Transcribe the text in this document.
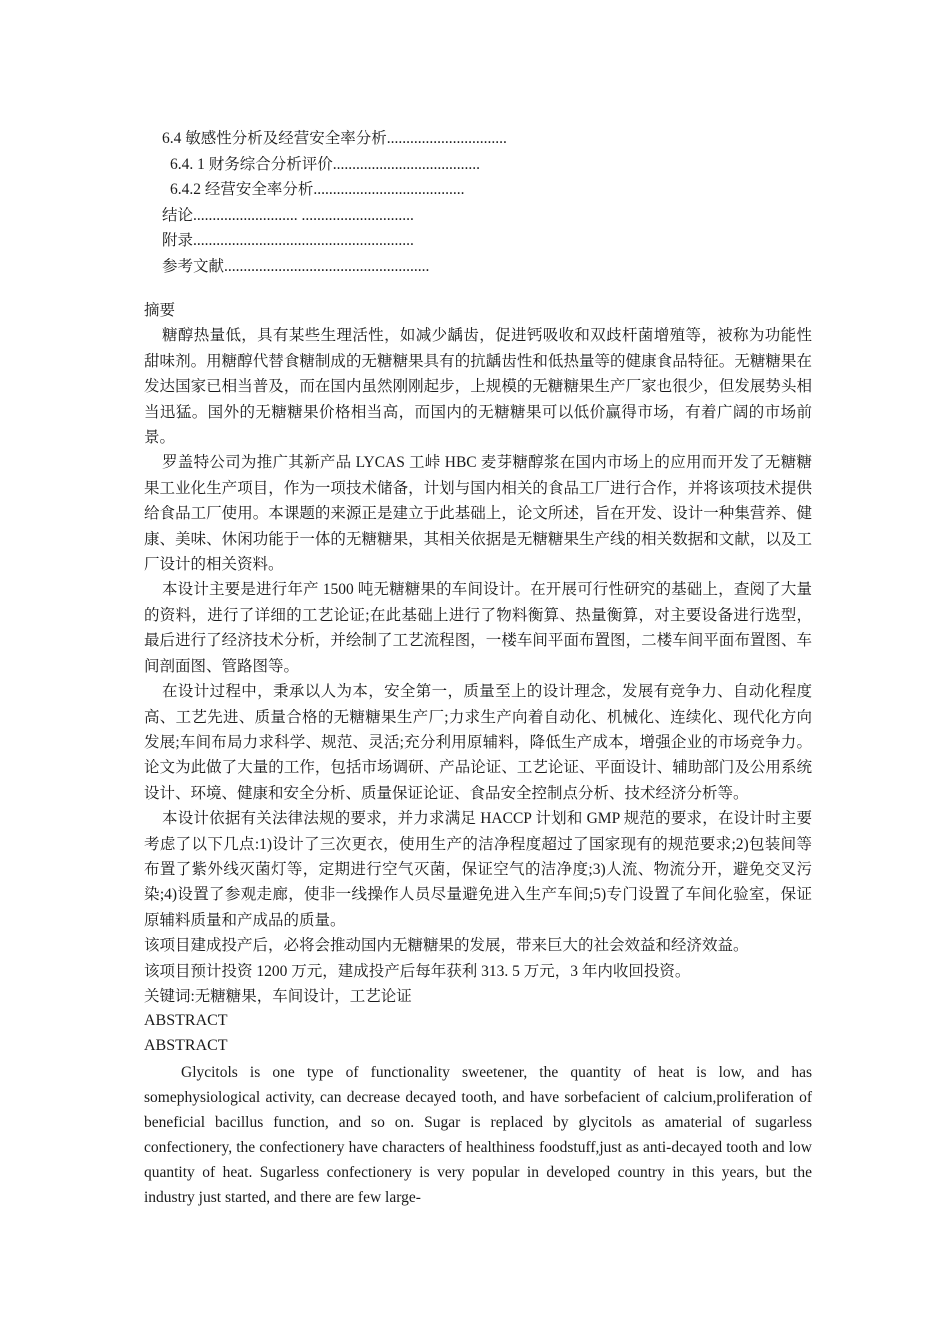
6.4 敏感性分析及经营安全率分析...............................
6.4. 1 财务综合分析评价......................................
6.4.2 经营安全率分析.......................................
结论........................... .............................
附录.........................................................
参考文献.....................................................

摘要

糖醇热量低，具有某些生理活性，如减少龋齿，促进钙吸收和双歧杆菌增殖等，被称为功能性甜味剂。用糖醇代替食糖制成的无糖糖果具有的抗龋齿性和低热量等的健康食品特征。无糖糖果在发达国家已相当普及，而在国内虽然刚刚起步，上规模的无糖糖果生产厂家也很少，但发展势头相当迅猛。国外的无糖糖果价格相当高，而国内的无糖糖果可以低价赢得市场，有着广阔的市场前景。

罗盖特公司为推广其新产品 LYCAS 工峠 HBC 麦芽糖醇浆在国内市场上的应用而开发了无糖糖果工业化生产项目，作为一项技术储备，计划与国内相关的食品工厂进行合作，并将该项技术提供给食品工厂使用。本课题的来源正是建立于此基础上，论文所述，旨在开发、设计一种集营养、健康、美味、休闲功能于一体的无糖糖果，其相关依据是无糖糖果生产线的相关数据和文献，以及工厂设计的相关资料。

本设计主要是进行年产 1500 吨无糖糖果的车间设计。在开展可行性研究的基础上，查阅了大量的资料，进行了详细的工艺论证;在此基础上进行了物料衡算、热量衡算，对主要设备进行选型，最后进行了经济技术分析，并绘制了工艺流程图，一楼车间平面布置图，二楼车间平面布置图、车间剖面图、管路图等。

在设计过程中，秉承以人为本，安全第一，质量至上的设计理念，发展有竞争力、自动化程度高、工艺先进、质量合格的无糖糖果生产厂;力求生产向着自动化、机械化、连续化、现代化方向发展;车间布局力求科学、规范、灵活;充分利用原辅料，降低生产成本，增强企业的市场竞争力。论文为此做了大量的工作，包括市场调研、产品论证、工艺论证、平面设计、辅助部门及公用系统设计、环境、健康和安全分析、质量保证论证、食品安全控制点分析、技术经济分析等。

本设计依据有关法律法规的要求，并力求满足 HACCP 计划和 GMP 规范的要求，在设计时主要考虑了以下几点:1)设计了三次更衣，使用生产的洁净程度超过了国家现有的规范要求;2)包装间等布置了紫外线灭菌灯等，定期进行空气灭菌，保证空气的洁净度;3)人流、物流分开，避免交叉污染;4)设置了参观走廊，使非一线操作人员尽量避免进入生产车间;5)专门设置了车间化验室，保证原辅料质量和产成品的质量。

该项目建成投产后，必将会推动国内无糖糖果的发展，带来巨大的社会效益和经济效益。

该项目预计投资 1200 万元，建成投产后每年获利 313. 5 万元，3 年内收回投资。

关键词:无糖糖果，车间设计，工艺论证

ABSTRACT

ABSTRACT

Glycitols is one type of functionality sweetener, the quantity of heat is low, and has somephysiological activity, can decrease decayed tooth, and have sorbefacient of calcium,proliferation of beneficial bacillus function, and so on. Sugar is replaced by glycitols as amaterial of sugarless confectionery, the confectionery have characters of healthiness foodstuff,just as anti-decayed tooth and low quantity of heat. Sugarless confectionery is very popular in developed country in this years, but the industry just started, and there are few large-
